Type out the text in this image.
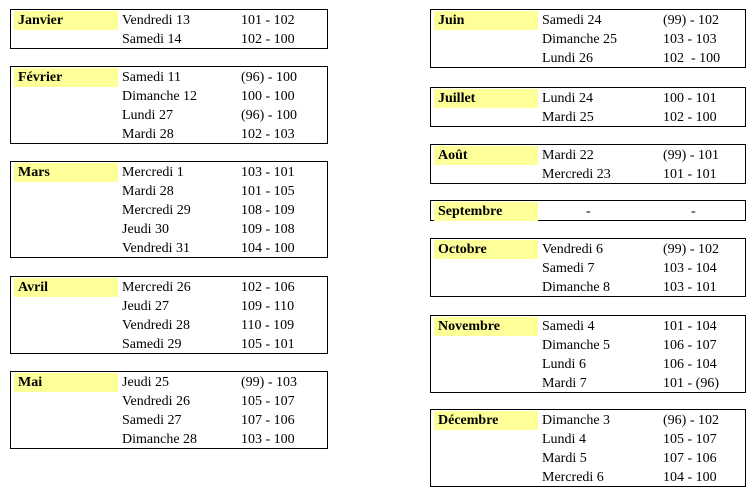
Janvier	Vendredi 13	101 - 102
Samedi 14	102 - 100
Février	Samedi 11	(96) - 100
Dimanche 12	100 - 100
Lundi 27	(96) - 100
Mardi 28	102 - 103
Mars	Mercredi 1	103 - 101
Mardi 28	101 - 105
Mercredi 29	108 - 109
Jeudi 30	109 - 108
Vendredi 31	104 - 100
Avril	Mercredi 26	102 - 106
Jeudi 27	109 - 110
Vendredi 28	110 - 109
Samedi 29	105 - 101
Mai	Jeudi 25	(99) - 103
Vendredi 26	105 - 107
Samedi 27	107 - 106
Dimanche 28	103 - 100
Juin	Samedi 24	(99) - 102
Dimanche 25	103 - 103
Lundi 26	102  - 100
Juillet	Lundi 24	100 - 101
Mardi 25	102 - 100
Août	Mardi 22	(99) - 101
Mercredi 23	101 - 101
Septembre	-	-
Octobre	Vendredi 6	(99) - 102
Samedi 7	103 - 104
Dimanche 8	103 - 101
Novembre	Samedi 4	101 - 104
Dimanche 5	106 - 107
Lundi 6	106 - 104
Mardi 7	101 - (96)
Décembre	Dimanche 3	(96) - 102
Lundi 4	105 - 107
Mardi 5	107 - 106
Mercredi 6	104 - 100
